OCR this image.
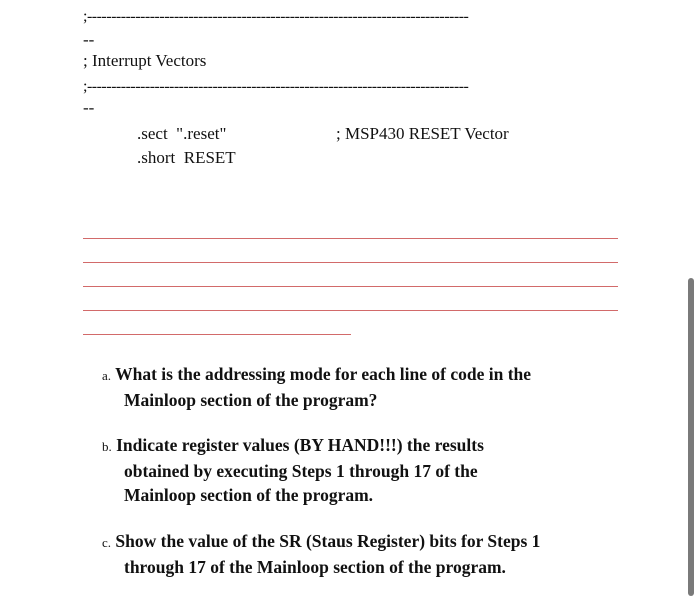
;-------------------------------------------------------------------------------
--
; Interrupt Vectors
;-------------------------------------------------------------------------------
--
.sect  ".reset"	; MSP430 RESET Vector
.short  RESET
a. What is the addressing mode for each line of code in the
Mainloop section of the program?
b. Indicate register values (BY HAND!!!) the results
obtained by executing Steps 1 through 17 of the
Mainloop section of the program.
c. Show the value of the SR (Staus Register) bits for Steps 1
through 17 of the Mainloop section of the program.
